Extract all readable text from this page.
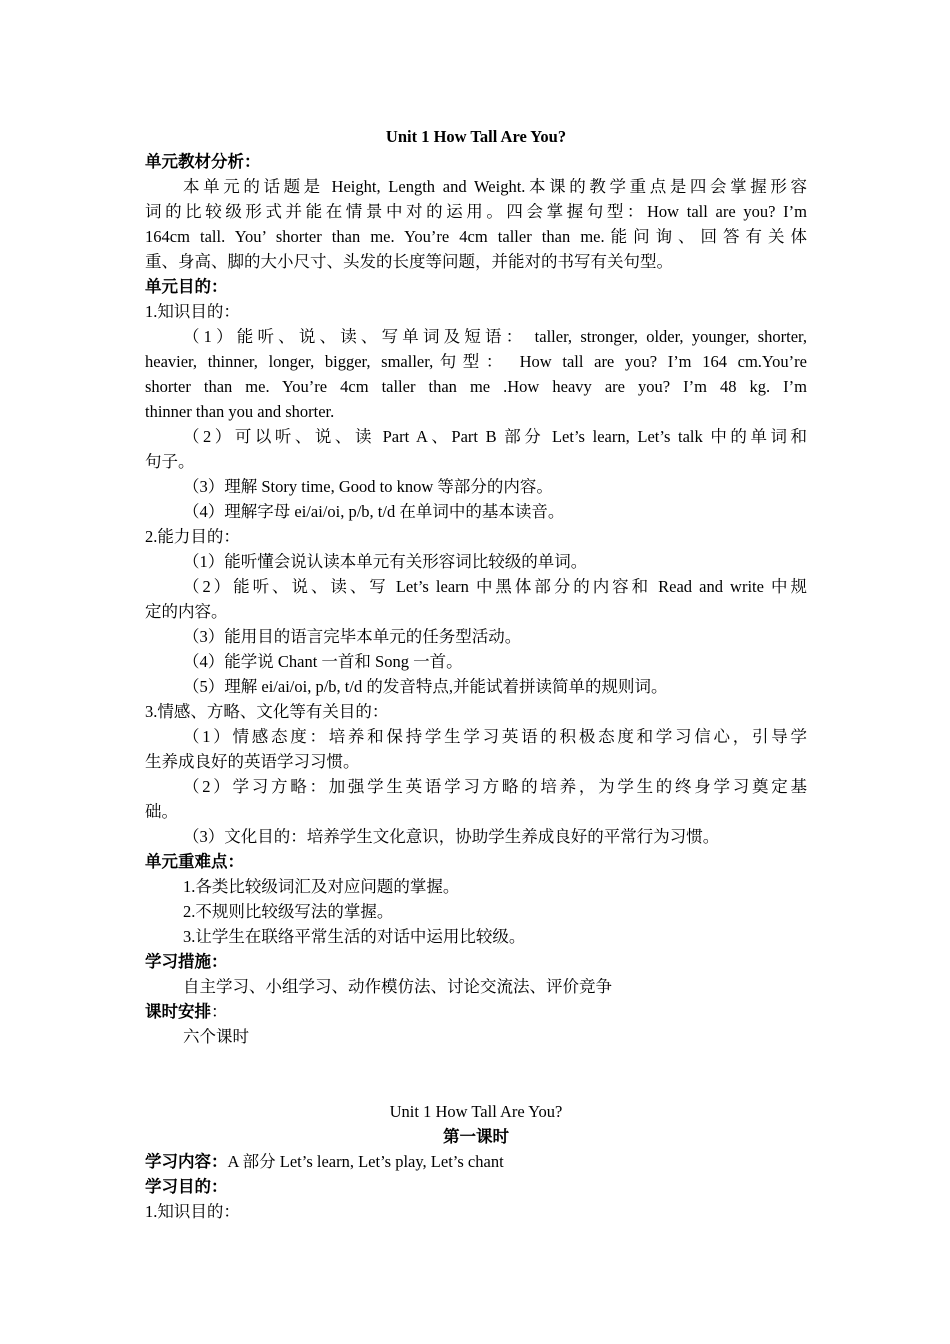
Unit 1 How Tall Are You?
单元教材分析：
本单元的话题是 Height, Length and Weight.本课的教学重点是四会掌握形容
词的比较级形式并能在情景中对的运用。四会掌握句型：How tall are you? I’m
164cm tall. You’ shorter than me. You’re 4cm taller than me.能问询、回答有关体
重、身高、脚的大小尺寸、头发的长度等问题，并能对的书写有关句型。
单元目的：
1.知识目的：
（1）能听、说、读、写单词及短语： taller, stronger, older, younger, shorter,
heavier, thinner, longer, bigger, smaller,句型： How tall are you? I’m 164 cm.You’re
shorter than me. You’re 4cm taller than me .How heavy are you? I’m 48 kg. I’m
thinner than you and shorter.
（2）可以听、说、读 Part A、Part B 部分 Let’s learn, Let’s talk 中的单词和
句子。
（3）理解 Story time, Good to know 等部分的内容。
（4）理解字母 ei/ai/oi, p/b, t/d 在单词中的基本读音。
2.能力目的：
（1）能听懂会说认读本单元有关形容词比较级的单词。
（2）能听、说、读、写 Let’s learn 中黑体部分的内容和 Read and write 中规
定的内容。
（3）能用目的语言完毕本单元的任务型活动。
（4）能学说 Chant 一首和 Song 一首。
（5）理解 ei/ai/oi, p/b, t/d 的发音特点,并能试着拼读简单的规则词。
3.情感、方略、文化等有关目的：
（1）情感态度：培养和保持学生学习英语的积极态度和学习信心，引导学
生养成良好的英语学习习惯。
（2）学习方略：加强学生英语学习方略的培养，为学生的终身学习奠定基
础。
（3）文化目的：培养学生文化意识，协助学生养成良好的平常行为习惯。
单元重难点：
1.各类比较级词汇及对应问题的掌握。
2.不规则比较级写法的掌握。
3.让学生在联络平常生活的对话中运用比较级。
学习措施：
自主学习、小组学习、动作模仿法、讨论交流法、评价竞争
课时安排：
六个课时
Unit 1 How Tall Are You?
第一课时
学习内容：A 部分 Let’s learn, Let’s play, Let’s chant
学习目的：
1.知识目的：
